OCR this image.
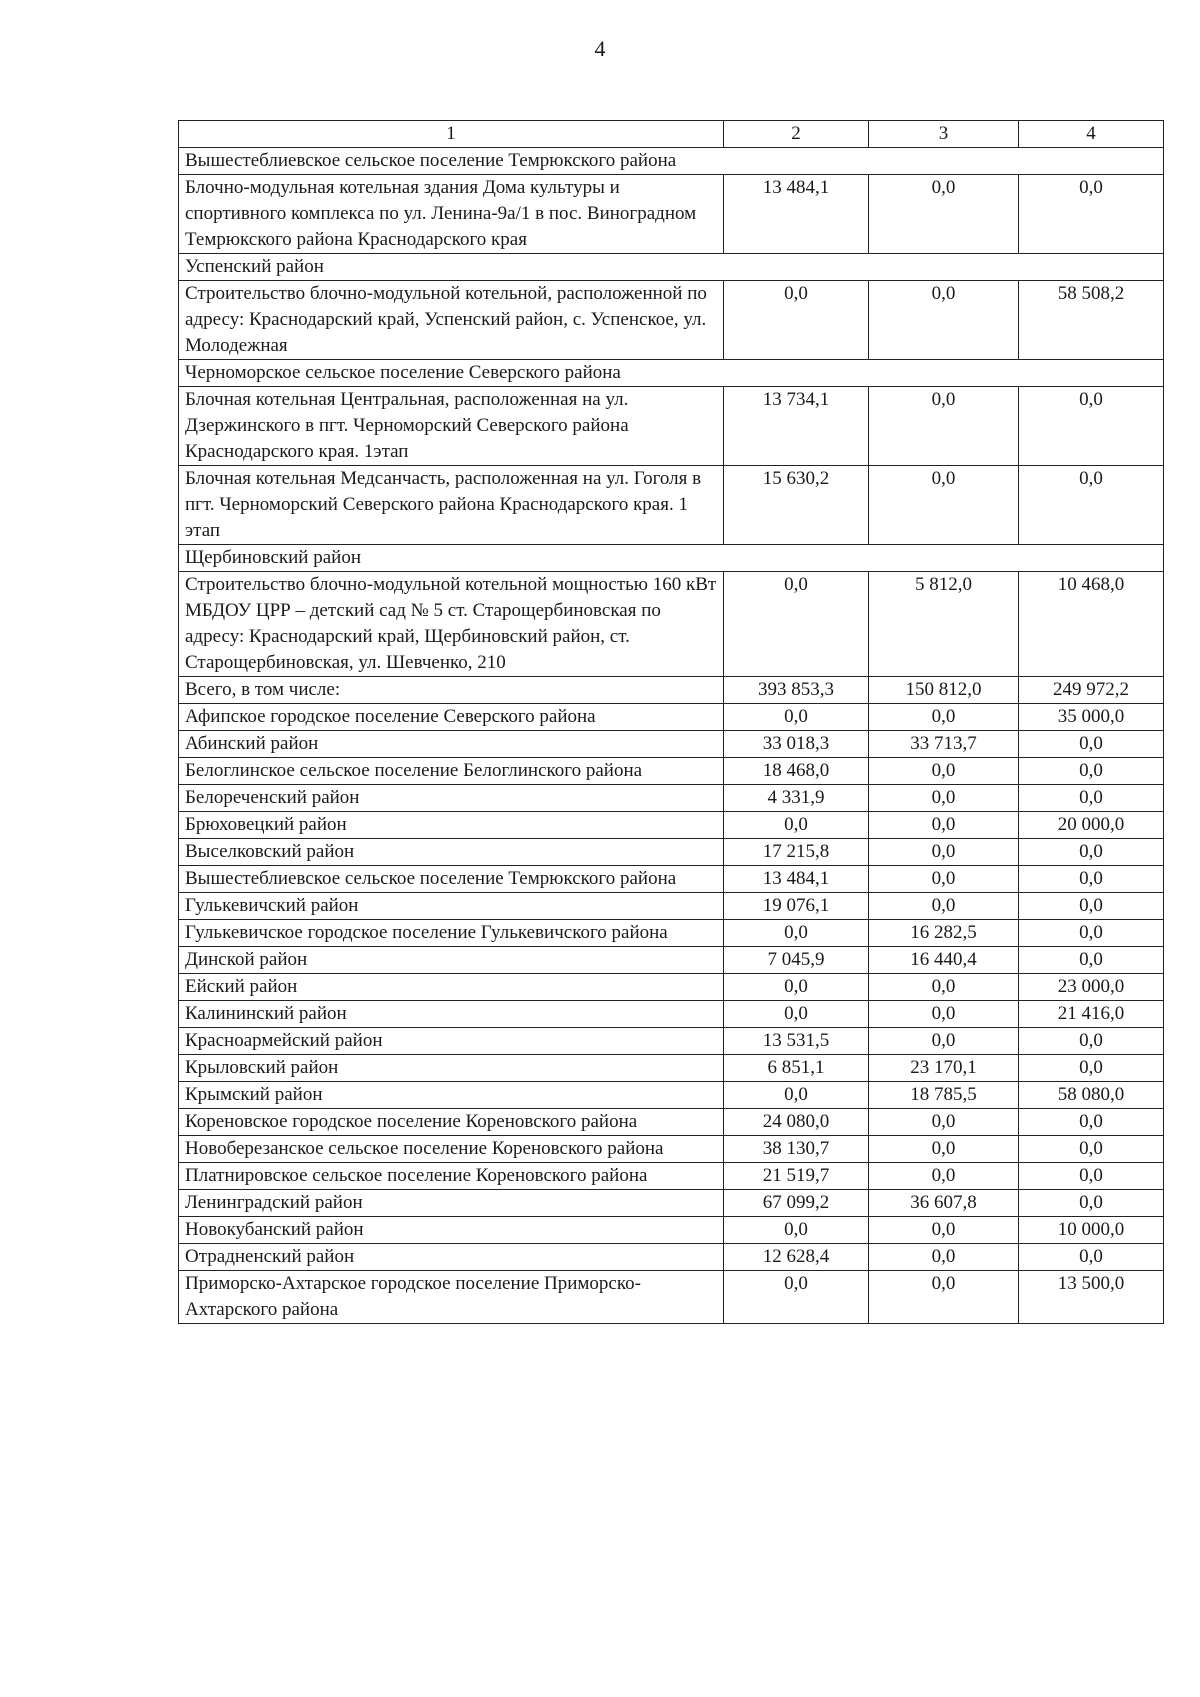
4
1	2	3	4
Вышестеблиевское сельское поселение Темрюкского района			
Блочно-модульная котельная здания Дома культуры и спортивного комплекса по ул. Ленина-9а/1 в пос. Виноградном Темрюкского района Краснодарского края	13 484,1	0,0	0,0
Успенский район			
Строительство блочно-модульной котельной, расположенной по адресу: Краснодарский край, Успенский район, с. Успенское, ул. Молодежная	0,0	0,0	58 508,2
Черноморское сельское поселение Северского района			
Блочная котельная Центральная, расположенная на ул. Дзержинского в пгт. Черноморский Северского района Краснодарского края. 1этап	13 734,1	0,0	0,0
Блочная котельная Медсанчасть, расположенная на ул. Гоголя в пгт. Черноморский Северского района Краснодарского края. 1 этап	15 630,2	0,0	0,0
Щербиновский район			
Строительство блочно-модульной котельной мощностью 160 кВт МБДОУ ЦРР – детский сад № 5 ст. Старощербиновская по адресу: Краснодарский край, Щербиновский район, ст. Старощербиновская, ул. Шевченко, 210	0,0	5 812,0	10 468,0
Всего, в том числе:	393 853,3	150 812,0	249 972,2
Афипское городское поселение Северского района	0,0	0,0	35 000,0
Абинский район	33 018,3	33 713,7	0,0
Белоглинское сельское поселение Белоглинского района	18 468,0	0,0	0,0
Белореченский район	4 331,9	0,0	0,0
Брюховецкий район	0,0	0,0	20 000,0
Выселковский район	17 215,8	0,0	0,0
Вышестеблиевское сельское поселение Темрюкского района	13 484,1	0,0	0,0
Гулькевичский район	19 076,1	0,0	0,0
Гулькевичское городское поселение Гулькевичского района	0,0	16 282,5	0,0
Динской район	7 045,9	16 440,4	0,0
Ейский район	0,0	0,0	23 000,0
Калининский район	0,0	0,0	21 416,0
Красноармейский район	13 531,5	0,0	0,0
Крыловский район	6 851,1	23 170,1	0,0
Крымский район	0,0	18 785,5	58 080,0
Кореновское городское поселение Кореновского района	24 080,0	0,0	0,0
Новоберезанское сельское поселение Кореновского района	38 130,7	0,0	0,0
Платнировское сельское поселение Кореновского района	21 519,7	0,0	0,0
Ленинградский район	67 099,2	36 607,8	0,0
Новокубанский район	0,0	0,0	10 000,0
Отрадненский район	12 628,4	0,0	0,0
Приморско-Ахтарское городское поселение Приморско-Ахтарского района	0,0	0,0	13 500,0
